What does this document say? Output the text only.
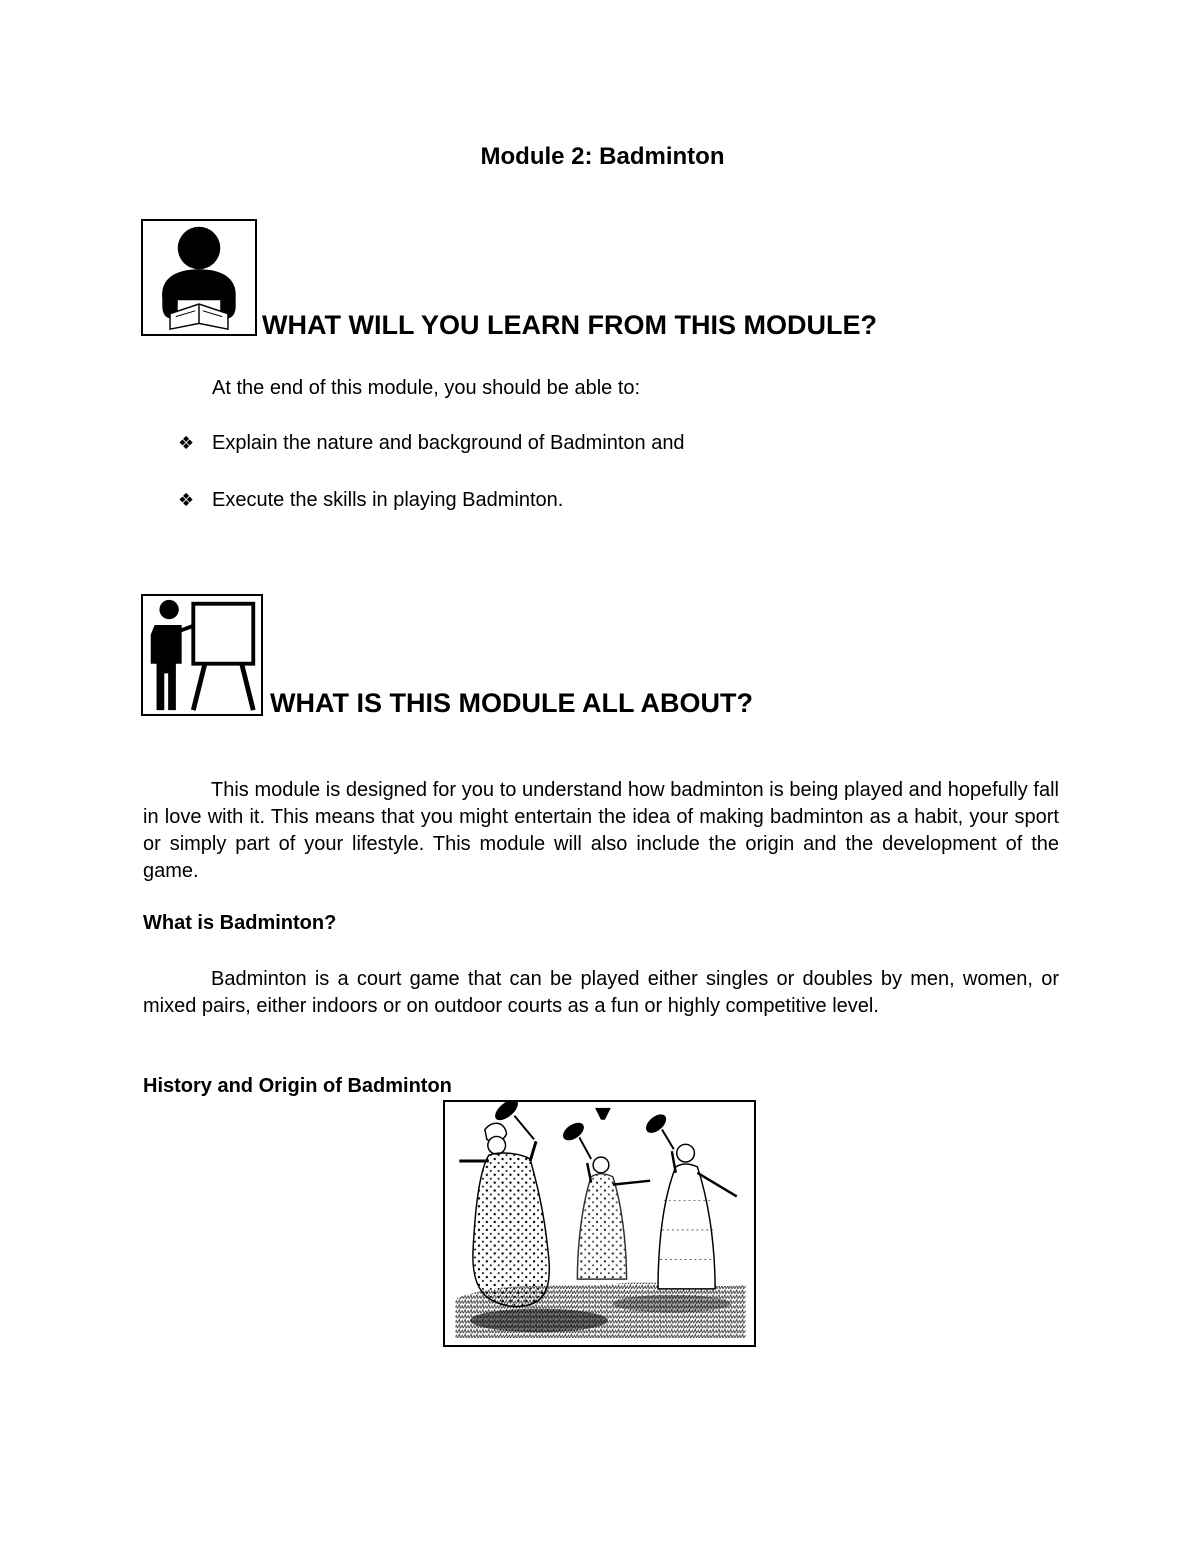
Module 2: Badminton
WHAT WILL YOU LEARN FROM THIS MODULE?
At the end of this module, you should be able to:
❖ Explain the nature and background of Badminton and
❖ Execute the skills in playing Badminton.
WHAT IS THIS MODULE ALL ABOUT?

This module is designed for you to understand how badminton is being played and hopefully fall in love with it. This means that you might entertain the idea of making badminton as a habit, your sport or simply part of your lifestyle. This module will also include the origin and the development of the game.

What is Badminton?

Badminton is a court game that can be played either singles or doubles by men, women, or mixed pairs, either indoors or on outdoor courts as a fun or highly competitive level.

History and Origin of Badminton
